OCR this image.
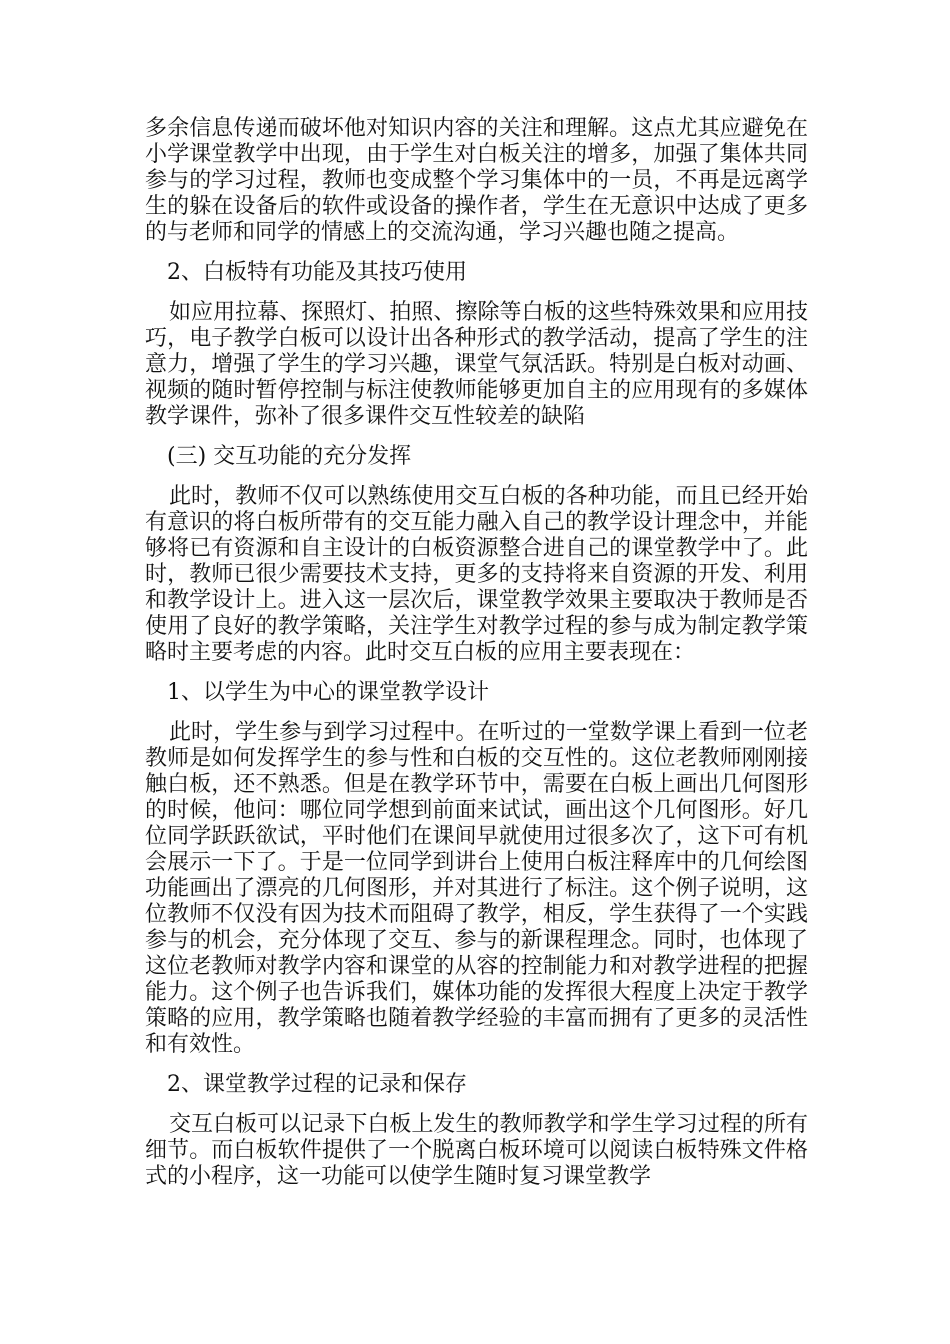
多余信息传递而破坏他对知识内容的关注和理解。这点尤其应避免在小学课堂教学中出现，由于学生对白板关注的增多，加强了集体共同参与的学习过程，教师也变成整个学习集体中的一员，不再是远离学生的躲在设备后的软件或设备的操作者，学生在无意识中达成了更多的与老师和同学的情感上的交流沟通，学习兴趣也随之提高。

2、白板特有功能及其技巧使用

如应用拉幕、探照灯、拍照、擦除等白板的这些特殊效果和应用技巧，电子教学白板可以设计出各种形式的教学活动，提高了学生的注意力，增强了学生的学习兴趣，课堂气氛活跃。特别是白板对动画、视频的随时暂停控制与标注使教师能够更加自主的应用现有的多媒体教学课件，弥补了很多课件交互性较差的缺陷

(三) 交互功能的充分发挥

此时，教师不仅可以熟练使用交互白板的各种功能，而且已经开始有意识的将白板所带有的交互能力融入自己的教学设计理念中，并能够将已有资源和自主设计的白板资源整合进自己的课堂教学中了。此时，教师已很少需要技术支持，更多的支持将来自资源的开发、利用和教学设计上。进入这一层次后，课堂教学效果主要取决于教师是否使用了良好的教学策略，关注学生对教学过程的参与成为制定教学策略时主要考虑的内容。此时交互白板的应用主要表现在：

1、以学生为中心的课堂教学设计

此时，学生参与到学习过程中。在听过的一堂数学课上看到一位老教师是如何发挥学生的参与性和白板的交互性的。这位老教师刚刚接触白板，还不熟悉。但是在教学环节中，需要在白板上画出几何图形的时候，他问：哪位同学想到前面来试试，画出这个几何图形。好几位同学跃跃欲试，平时他们在课间早就使用过很多次了，这下可有机会展示一下了。于是一位同学到讲台上使用白板注释库中的几何绘图功能画出了漂亮的几何图形，并对其进行了标注。这个例子说明，这位教师不仅没有因为技术而阻碍了教学，相反，学生获得了一个实践参与的机会，充分体现了交互、参与的新课程理念。同时，也体现了这位老教师对教学内容和课堂的从容的控制能力和对教学进程的把握能力。这个例子也告诉我们，媒体功能的发挥很大程度上决定于教学策略的应用，教学策略也随着教学经验的丰富而拥有了更多的灵活性和有效性。

2、课堂教学过程的记录和保存

交互白板可以记录下白板上发生的教师教学和学生学习过程的所有细节。而白板软件提供了一个脱离白板环境可以阅读白板特殊文件格式的小程序，这一功能可以使学生随时复习课堂教学
